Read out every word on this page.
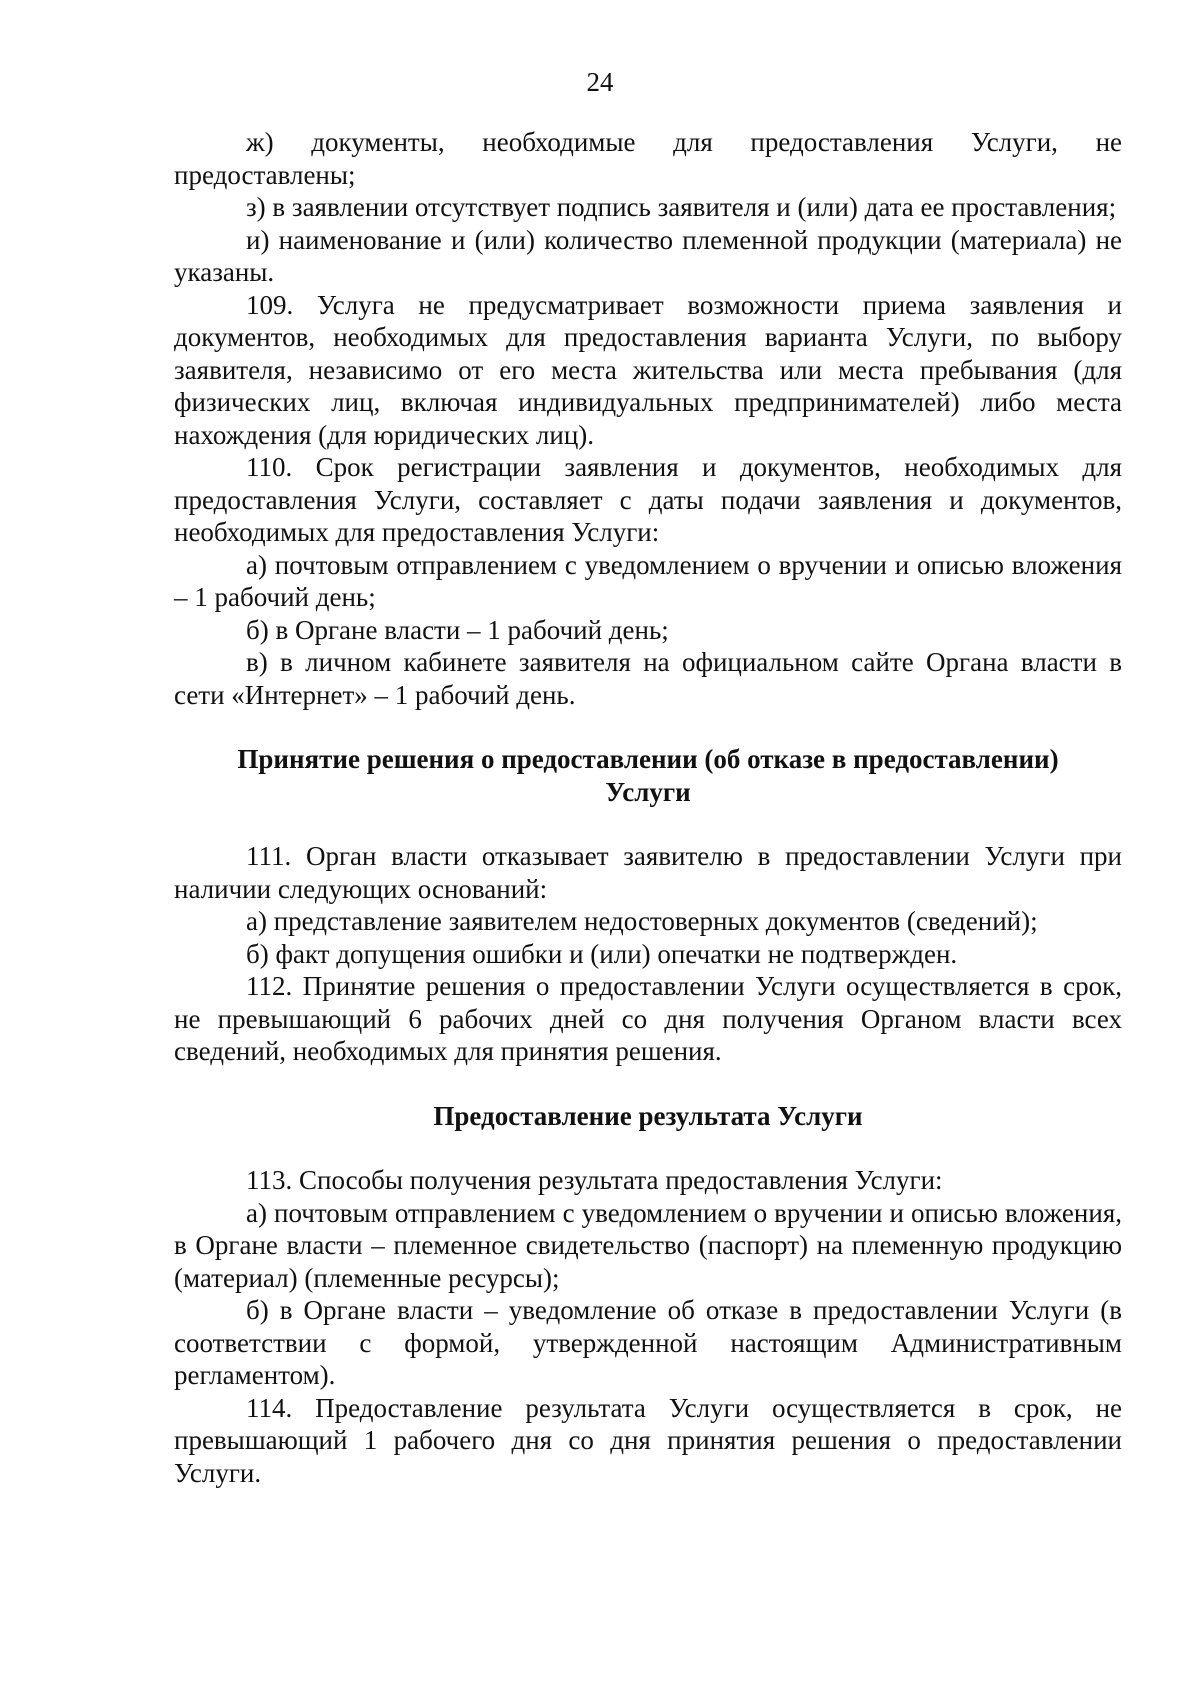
24

ж) документы, необходимые для предоставления Услуги, не предоставлены;

з) в заявлении отсутствует подпись заявителя и (или) дата ее проставления;

и) наименование и (или) количество племенной продукции (материала) не указаны.

109. Услуга не предусматривает возможности приема заявления и документов, необходимых для предоставления варианта Услуги, по выбору заявителя, независимо от его места жительства или места пребывания (для физических лиц, включая индивидуальных предпринимателей) либо места нахождения (для юридических лиц).

110. Срок регистрации заявления и документов, необходимых для предоставления Услуги, составляет с даты подачи заявления и документов, необходимых для предоставления Услуги:

а) почтовым отправлением с уведомлением о вручении и описью вложения – 1 рабочий день;

б) в Органе власти – 1 рабочий день;

в) в личном кабинете заявителя на официальном сайте Органа власти в сети «Интернет» – 1 рабочий день.

Принятие решения о предоставлении (об отказе в предоставлении)

Услуги

111. Орган власти отказывает заявителю в предоставлении Услуги при наличии следующих оснований:

а) представление заявителем недостоверных документов (сведений);

б) факт допущения ошибки и (или) опечатки не подтвержден.

112. Принятие решения о предоставлении Услуги осуществляется в срок, не превышающий 6 рабочих дней со дня получения Органом власти всех сведений, необходимых для принятия решения.

Предоставление результата Услуги

113. Способы получения результата предоставления Услуги:

а) почтовым отправлением с уведомлением о вручении и описью вложения, в Органе власти – племенное свидетельство (паспорт) на племенную продукцию (материал) (племенные ресурсы);

б) в Органе власти – уведомление об отказе в предоставлении Услуги (в соответствии с формой, утвержденной настоящим Административным регламентом).

114. Предоставление результата Услуги осуществляется в срок, не превышающий 1 рабочего дня со дня принятия решения о предоставлении Услуги.
